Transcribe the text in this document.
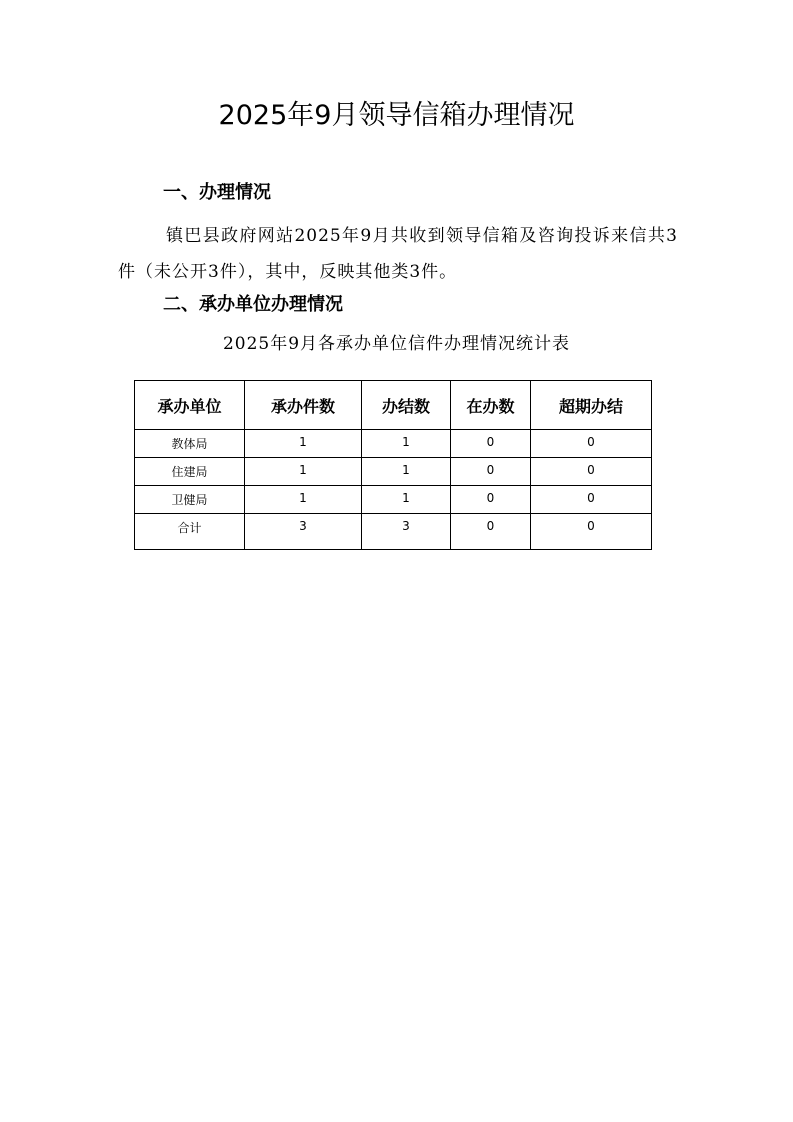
2025年9月领导信箱办理情况
一、办理情况

镇巴县政府网站2025年9月共收到领导信箱及咨询投诉来信共3件（未公开3件），其中，反映其他类3件。

二、承办单位办理情况

2025年9月各承办单位信件办理情况统计表

承办单位	承办件数	办结数	在办数	超期办结
教体局	1	1	0	0
住建局	1	1	0	0
卫健局	1	1	0	0
合计	3	3	0	0
